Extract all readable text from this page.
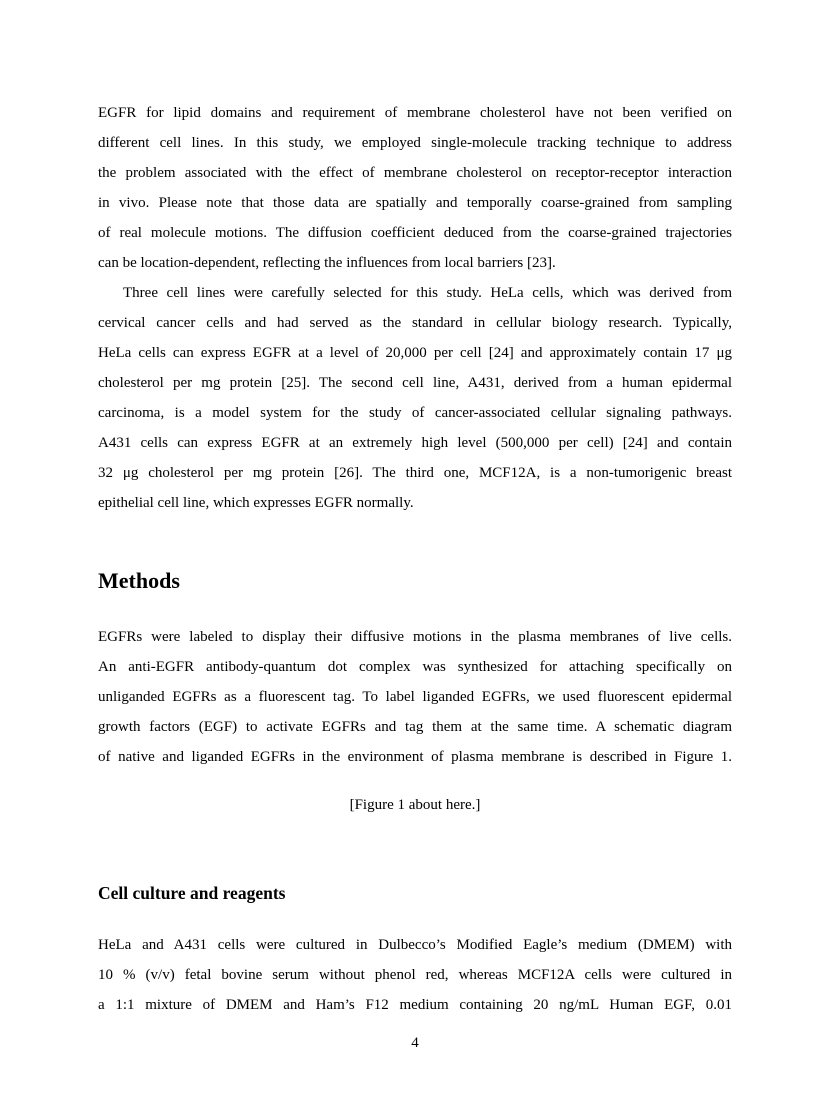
EGFR for lipid domains and requirement of membrane cholesterol have not been verified on
different cell lines. In this study, we employed single-molecule tracking technique to address
the problem associated with the effect of membrane cholesterol on receptor-receptor interaction
in vivo. Please note that those data are spatially and temporally coarse-grained from sampling
of real molecule motions. The diffusion coefficient deduced from the coarse-grained trajectories
can be location-dependent, reflecting the influences from local barriers [23].
Three cell lines were carefully selected for this study. HeLa cells, which was derived from
cervical cancer cells and had served as the standard in cellular biology research. Typically,
HeLa cells can express EGFR at a level of 20,000 per cell [24] and approximately contain 17 μg
cholesterol per mg protein [25]. The second cell line, A431, derived from a human epidermal
carcinoma, is a model system for the study of cancer-associated cellular signaling pathways.
A431 cells can express EGFR at an extremely high level (500,000 per cell) [24] and contain
32 μg cholesterol per mg protein [26]. The third one, MCF12A, is a non-tumorigenic breast
epithelial cell line, which expresses EGFR normally.
Methods
EGFRs were labeled to display their diffusive motions in the plasma membranes of live cells.
An anti-EGFR antibody-quantum dot complex was synthesized for attaching specifically on
unliganded EGFRs as a fluorescent tag. To label liganded EGFRs, we used fluorescent epidermal
growth factors (EGF) to activate EGFRs and tag them at the same time. A schematic diagram
of native and liganded EGFRs in the environment of plasma membrane is described in Figure 1.
[Figure 1 about here.]
Cell culture and reagents
HeLa and A431 cells were cultured in Dulbecco’s Modified Eagle’s medium (DMEM) with
10 % (v/v) fetal bovine serum without phenol red, whereas MCF12A cells were cultured in
a 1:1 mixture of DMEM and Ham’s F12 medium containing 20 ng/mL Human EGF, 0.01
4
